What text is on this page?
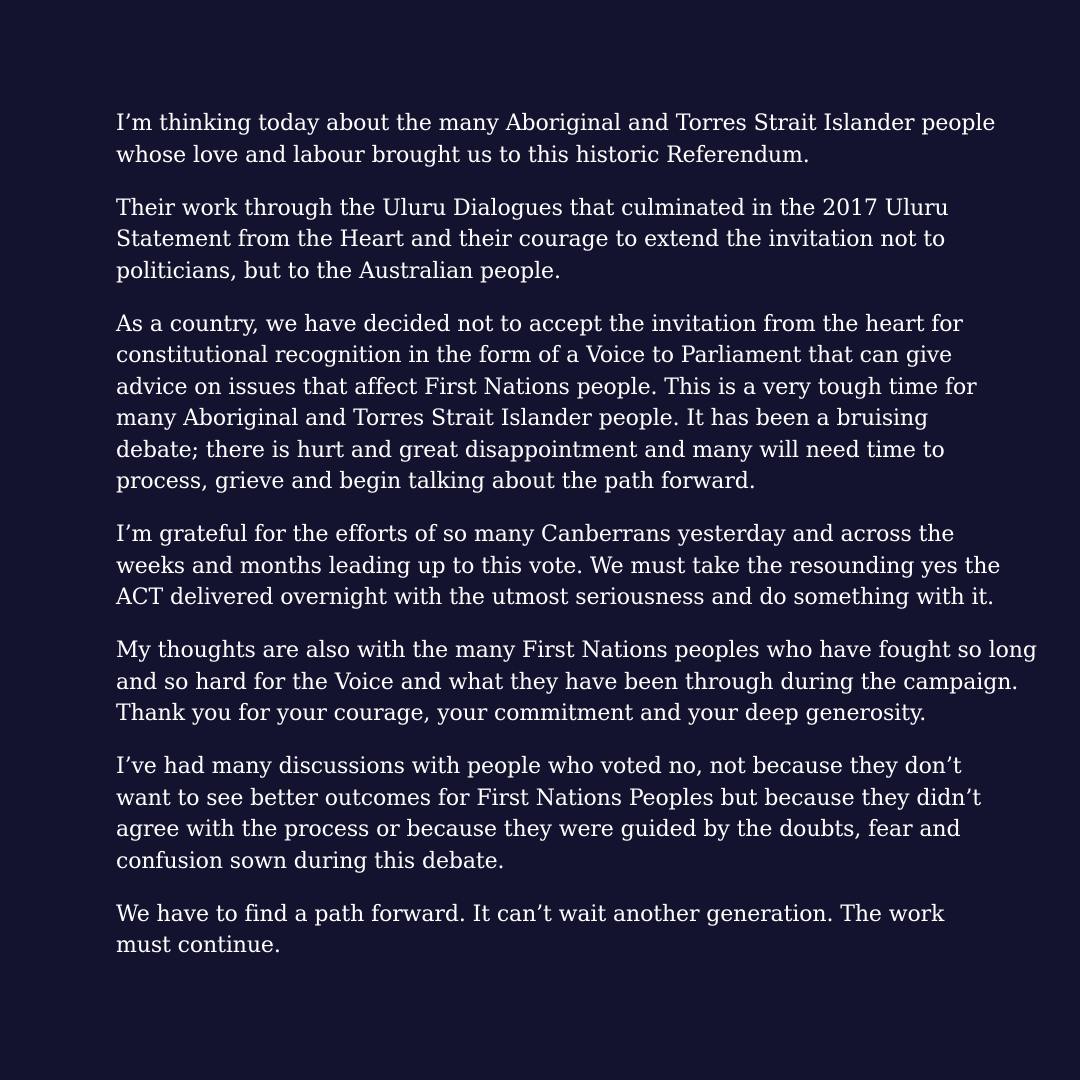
I’m thinking today about the many Aboriginal and Torres Strait Islander people
whose love and labour brought us to this historic Referendum.

Their work through the Uluru Dialogues that culminated in the 2017 Uluru
Statement from the Heart and their courage to extend the invitation not to
politicians, but to the Australian people.

As a country, we have decided not to accept the invitation from the heart for
constitutional recognition in the form of a Voice to Parliament that can give
advice on issues that affect First Nations people. This is a very tough time for
many Aboriginal and Torres Strait Islander people. It has been a bruising
debate; there is hurt and great disappointment and many will need time to
process, grieve and begin talking about the path forward.

I’m grateful for the efforts of so many Canberrans yesterday and across the
weeks and months leading up to this vote. We must take the resounding yes the
ACT delivered overnight with the utmost seriousness and do something with it.

My thoughts are also with the many First Nations peoples who have fought so long
and so hard for the Voice and what they have been through during the campaign.
Thank you for your courage, your commitment and your deep generosity.

I’ve had many discussions with people who voted no, not because they don’t
want to see better outcomes for First Nations Peoples but because they didn’t
agree with the process or because they were guided by the doubts, fear and
confusion sown during this debate.

We have to find a path forward. It can’t wait another generation. The work
must continue.
